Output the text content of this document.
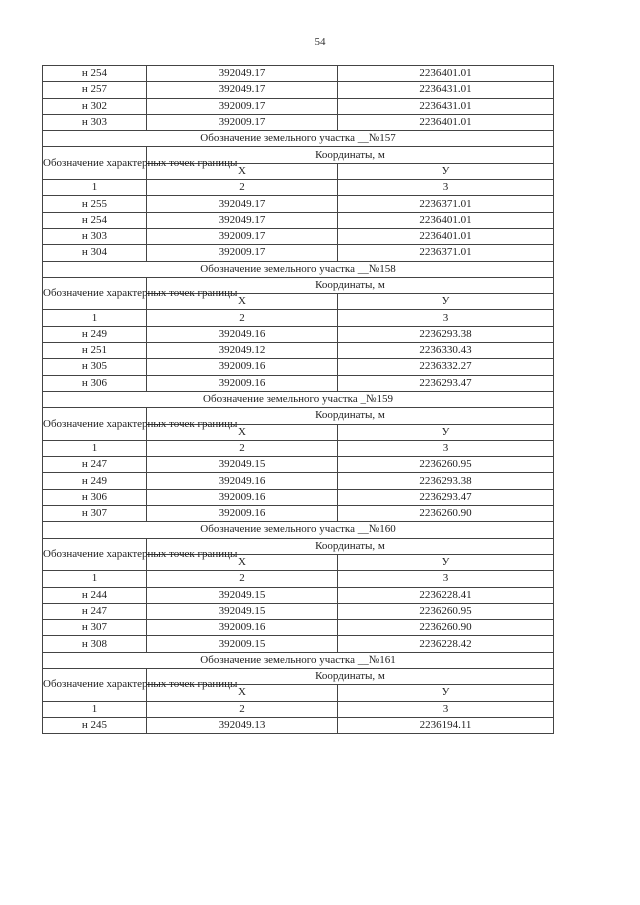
54
н 254	392049.17	2236401.01
н 257	392049.17	2236431.01
н 302	392009.17	2236431.01
н 303	392009.17	2236401.01
Обозначение земельного участка __№157		
Обозначение характерных точек границы	Координаты, м	

	Х	У
1	2	3
н 255	392049.17	2236371.01
н 254	392049.17	2236401.01
н 303	392009.17	2236401.01
н 304	392009.17	2236371.01
Обозначение земельного участка __№158		
Обозначение характерных точек границы	Координаты, м	

	Х	У
1	2	3
н 249	392049.16	2236293.38
н 251	392049.12	2236330.43
н 305	392009.16	2236332.27
н 306	392009.16	2236293.47
Обозначение земельного участка _№159		
Обозначение характерных точек границы	Координаты, м	

	Х	У
1	2	3
н 247	392049.15	2236260.95
н 249	392049.16	2236293.38
н 306	392009.16	2236293.47
н 307	392009.16	2236260.90
Обозначение земельного участка __№160		
Обозначение характерных точек границы	Координаты, м	

	Х	У
1	2	3
н 244	392049.15	2236228.41
н 247	392049.15	2236260.95
н 307	392009.16	2236260.90
н 308	392009.15	2236228.42
Обозначение земельного участка __№161		
Обозначение характерных точек границы	Координаты, м	

	Х	У
1	2	3
н 245	392049.13	2236194.11
